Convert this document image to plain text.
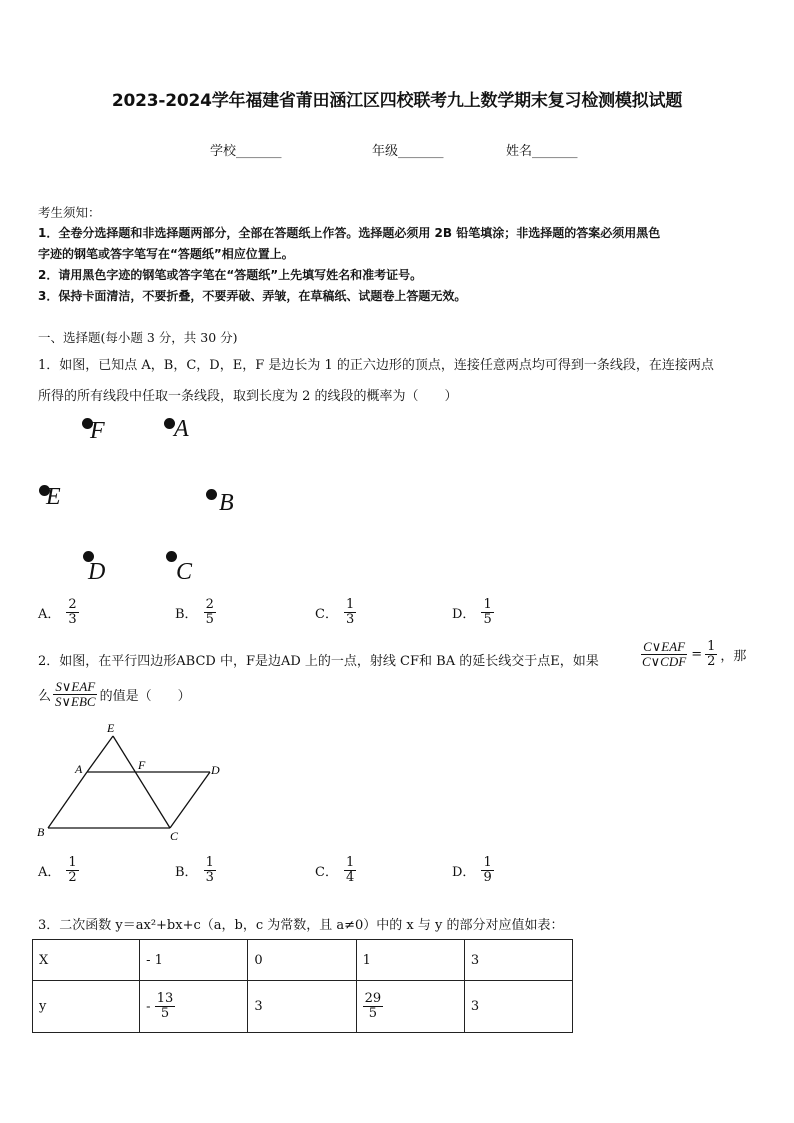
2023-2024学年福建省莆田涵江区四校联考九上数学期末复习检测模拟试题
学校_______	年级_______	姓名_______
考生须知：
1．全卷分选择题和非选择题两部分，全部在答题纸上作答。选择题必须用 2B 铅笔填涂；非选择题的答案必须用黑色
字迹的钢笔或答字笔写在“答题纸”相应位置上。
2．请用黑色字迹的钢笔或答字笔在“答题纸”上先填写姓名和准考证号。
3．保持卡面清洁，不要折叠，不要弄破、弄皱，在草稿纸、试题卷上答题无效。
一、选择题(每小题 3 分，共 30 分)
1．如图，已知点 A，B，C，D，E，F 是边长为 1 的正六边形的顶点，连接任意两点均可得到一条线段，在连接两点
所得的所有线段中任取一条线段，取到长度为 2 的线段的概率为（　　）
F	A
E	B
D	C
A． $\frac{2}{3}$	B． $\frac{2}{5}$	C． $\frac{1}{3}$	D． $\frac{1}{5}$
2．如图，在平行四边形ABCD 中，F是边AD 上的一点，射线 CF和 BA 的延长线交于点E，如果	$\frac{\text{C∨EAF}}{\text{C∨CDF}} = \frac{1}{2}$ ，那
么 $\frac{\text{S∨EAF}}{\text{S∨EBC}}$ 的值是（　　）
E
A	F	D
B	C
A． $\frac{1}{2}$	B． $\frac{1}{3}$	C． $\frac{1}{4}$	D． $\frac{1}{9}$
3．二次函数 y＝ax²+bx+c（a，b，c 为常数，且 a≠0）中的 x 与 y 的部分对应值如表：
X	- 1	0	1	3
y	- $\frac{13}{5}$	3	$\frac{29}{5}$	3
